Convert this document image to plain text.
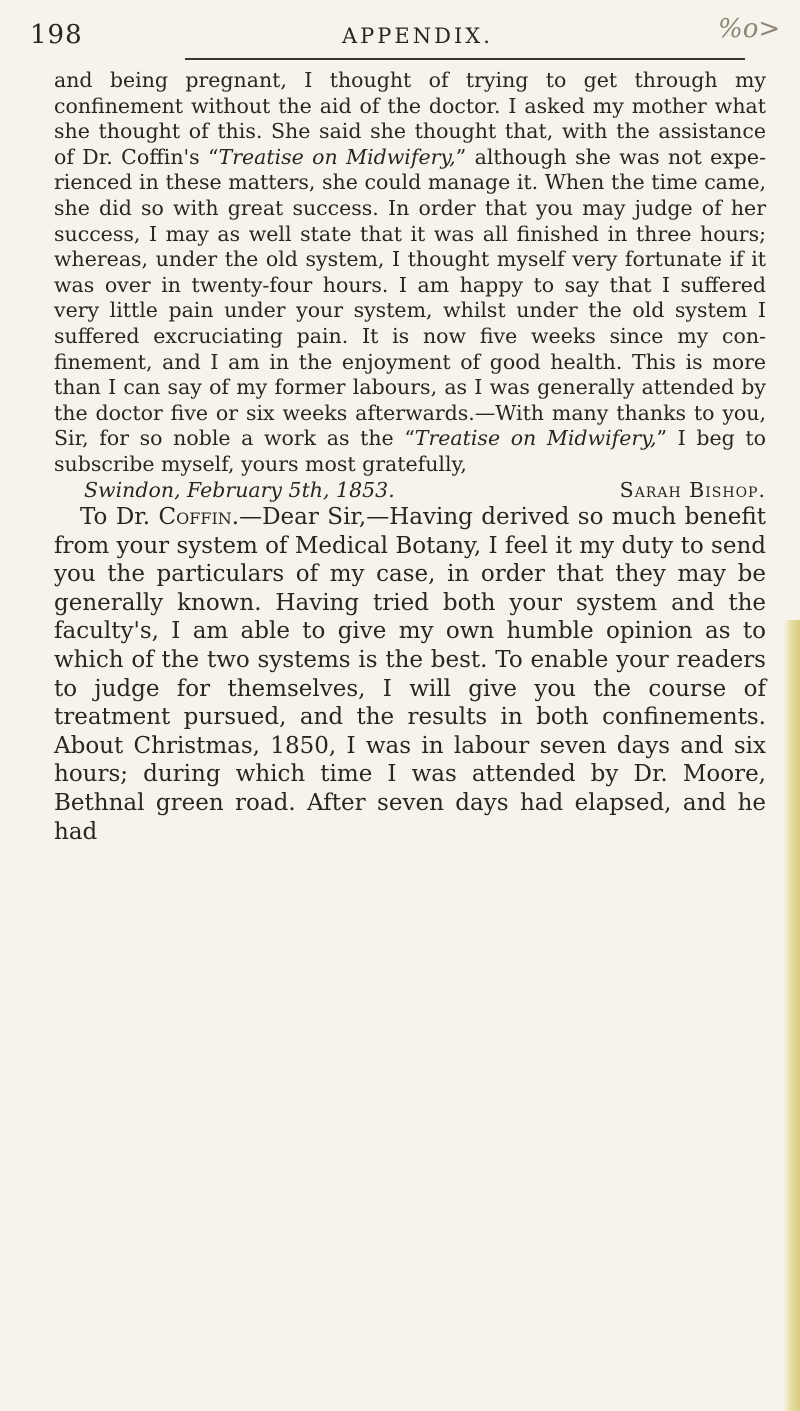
198	APPENDIX.	%o>

and being pregnant, I thought of trying to get through my confinement without the aid of the doctor. I asked my mother what she thought of this. She said she thought that, with the assistance of Dr. Coffin's “Treatise on Midwifery,” although she was not experienced in these matters, she could manage it. When the time came, she did so with great success. In order that you may judge of her success, I may as well state that it was all finished in three hours; whereas, under the old system, I thought myself very fortunate if it was over in twenty-four hours. I am happy to say that I suffered very little pain under your system, whilst under the old system I suffered excruciating pain. It is now five weeks since my confinement, and I am in the enjoyment of good health. This is more than I can say of my former labours, as I was generally attended by the doctor five or six weeks afterwards.—With many thanks to you, Sir, for so noble a work as the “Treatise on Midwifery,” I beg to subscribe myself, yours most gratefully,

Swindon, February 5th, 1853.	Sarah Bishop.

To Dr. Coffin.—Dear Sir,—Having derived so much benefit from your system of Medical Botany, I feel it my duty to send you the particulars of my case, in order that they may be generally known. Having tried both your system and the faculty's, I am able to give my own humble opinion as to which of the two systems is the best. To enable your readers to judge for themselves, I will give you the course of treatment pursued, and the results in both confinements. About Christmas, 1850, I was in labour seven days and six hours; during which time I was attended by Dr. Moore, Bethnal green road. After seven days had elapsed, and he had
